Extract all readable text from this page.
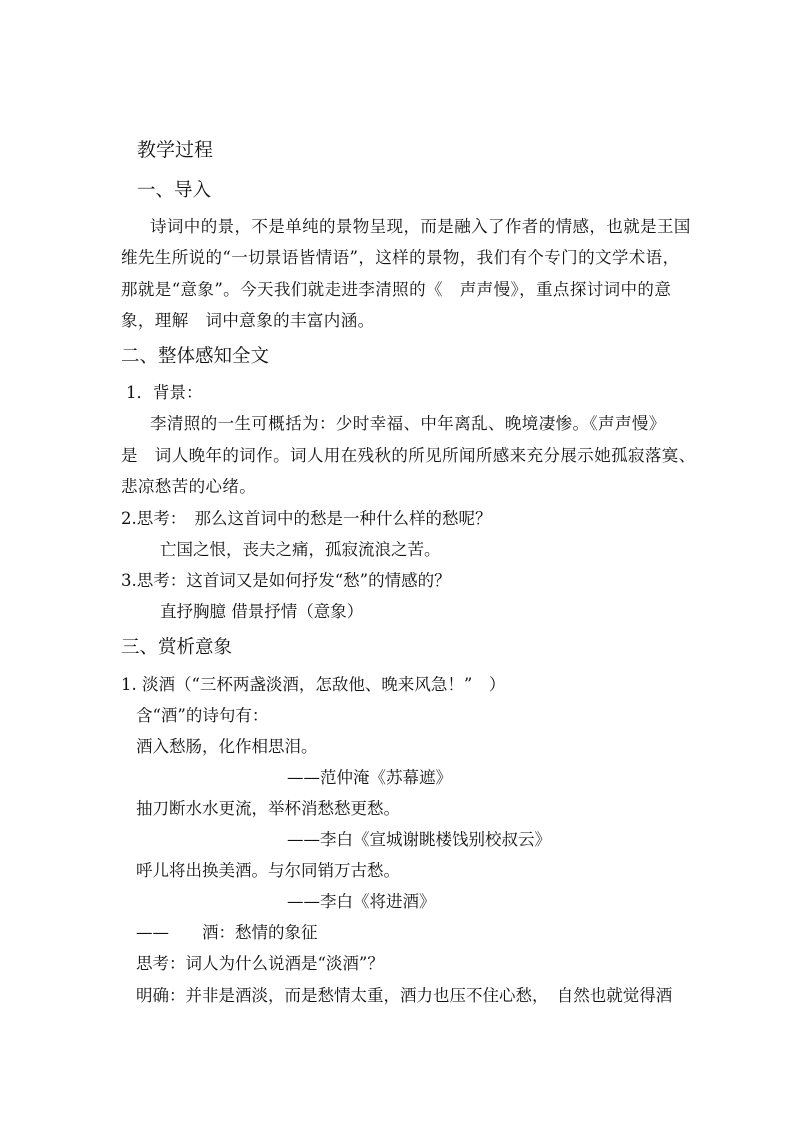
教学过程
一、导入
诗词中的景，不是单纯的景物呈现，而是融入了作者的情感，也就是王国
维先生所说的“一切景语皆情语”，这样的景物，我们有个专门的文学术语，
那就是“意象”。今天我们就走进李清照的《　声声慢》，重点探讨词中的意
象，理解　词中意象的丰富内涵。
二、整体感知全文
1．背景：
李清照的一生可概括为：少时幸福、中年离乱、晚境凄惨。《声声慢》
是　词人晚年的词作。词人用在残秋的所见所闻所感来充分展示她孤寂落寞、
悲凉愁苦的心绪。
2.思考：　那么这首词中的愁是一种什么样的愁呢？
亡国之恨，丧夫之痛，孤寂流浪之苦。
3.思考：这首词又是如何抒发“愁”的情感的？
直抒胸臆 借景抒情（意象）
三、赏析意象
1. 淡酒（“三杯两盏淡酒，怎敌他、晚来风急！”　）
含“酒”的诗句有：
酒入愁肠，化作相思泪。
——范仲淹《苏幕遮》
抽刀断水水更流，举杯消愁愁更愁。
——李白《宣城谢眺楼饯别校叔云》
呼儿将出换美酒。与尔同销万古愁。
——李白《将进酒》
——　　酒：愁情的象征
思考：词人为什么说酒是“淡酒”？
明确：并非是酒淡，而是愁情太重，酒力也压不住心愁，　自然也就觉得酒
